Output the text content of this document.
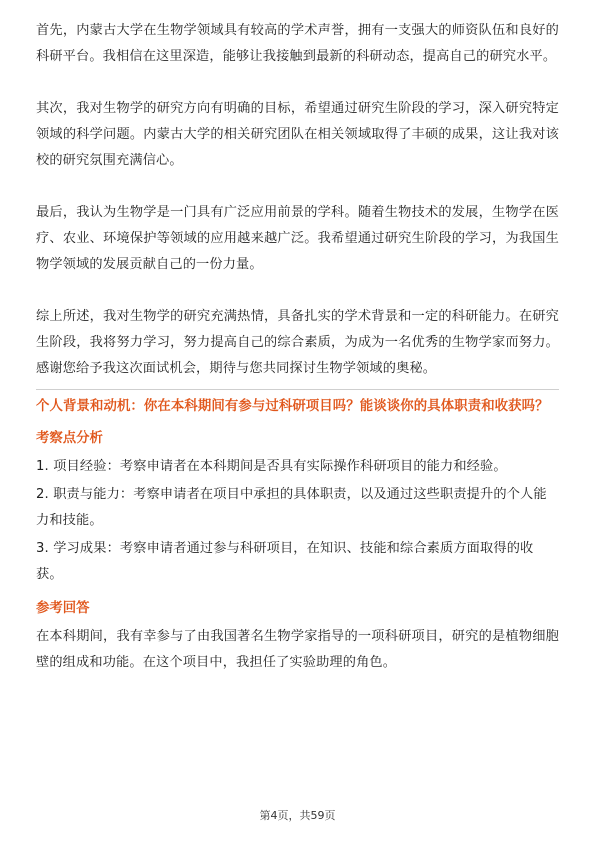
首先，内蒙古大学在生物学领域具有较高的学术声誉，拥有一支强大的师资队伍和良好的科研平台。我相信在这里深造，能够让我接触到最新的科研动态，提高自己的研究水平。

其次，我对生物学的研究方向有明确的目标，希望通过研究生阶段的学习，深入研究特定领域的科学问题。内蒙古大学的相关研究团队在相关领域取得了丰硕的成果，这让我对该校的研究氛围充满信心。

最后，我认为生物学是一门具有广泛应用前景的学科。随着生物技术的发展，生物学在医疗、农业、环境保护等领域的应用越来越广泛。我希望通过研究生阶段的学习，为我国生物学领域的发展贡献自己的一份力量。

综上所述，我对生物学的研究充满热情，具备扎实的学术背景和一定的科研能力。在研究生阶段，我将努力学习，努力提高自己的综合素质，为成为一名优秀的生物学家而努力。感谢您给予我这次面试机会，期待与您共同探讨生物学领域的奥秘。

个人背景和动机：你在本科期间有参与过科研项目吗？能谈谈你的具体职责和收获吗？

考察点分析

1. 项目经验：考察申请者在本科期间是否具有实际操作科研项目的能力和经验。

2. 职责与能力：考察申请者在项目中承担的具体职责，以及通过这些职责提升的个人能力和技能。

3. 学习成果：考察申请者通过参与科研项目，在知识、技能和综合素质方面取得的收获。

参考回答

在本科期间，我有幸参与了由我国著名生物学家指导的一项科研项目，研究的是植物细胞壁的组成和功能。在这个项目中，我担任了实验助理的角色。

第4页，共59页
